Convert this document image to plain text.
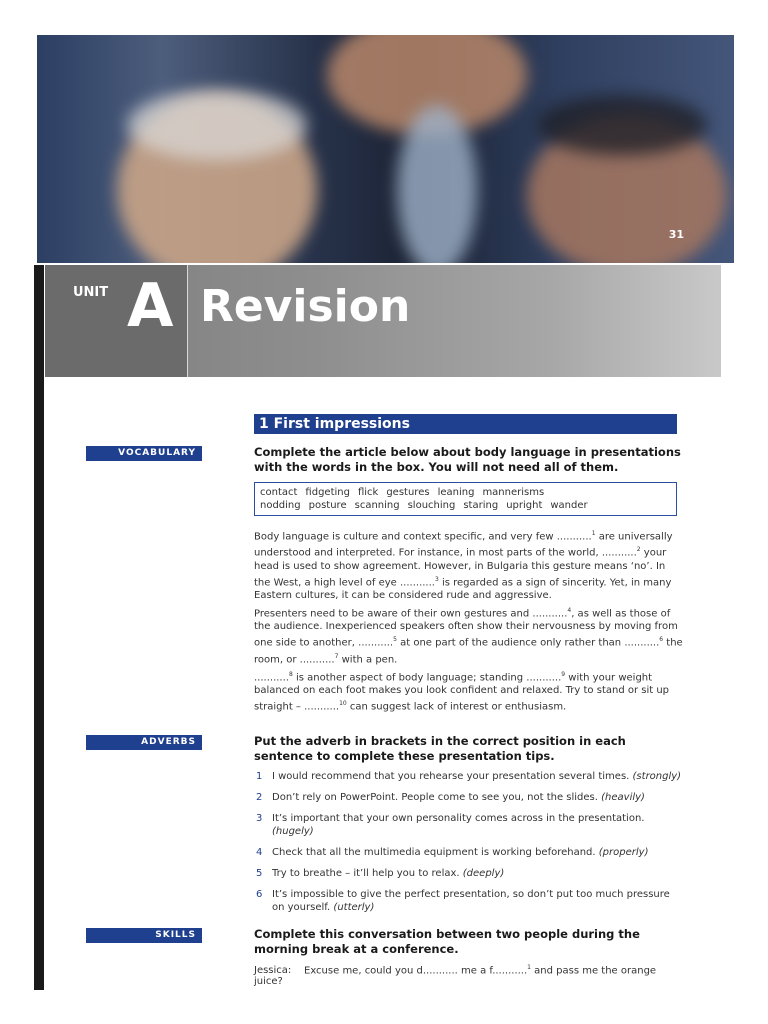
31
UNIT A Revision
1 First impressions
VOCABULARY	Complete the article below about body language in presentations with the words in the box. You will not need all of them.
contact fidgeting flick gestures leaning mannerisms
nodding posture scanning slouching staring upright wander
Body language is culture and context specific, and very few ...........$^1$ are universally understood and interpreted. For instance, in most parts of the world, ...........$^2$ your head is used to show agreement. However, in Bulgaria this gesture means ‘no’. In the West, a high level of eye ...........$^3$ is regarded as a sign of sincerity. Yet, in many Eastern cultures, it can be considered rude and aggressive.
Presenters need to be aware of their own gestures and ...........$^4$, as well as those of the audience. Inexperienced speakers often show their nervousness by moving from one side to another, ...........$^5$ at one part of the audience only rather than ...........$^6$ the room, or ...........$^7$ with a pen.
...........$^8$ is another aspect of body language; standing ...........$^9$ with your weight balanced on each foot makes you look confident and relaxed. Try to stand or sit up straight – ...........$^{10}$ can suggest lack of interest or enthusiasm.
ADVERBS	Put the adverb in brackets in the correct position in each sentence to complete these presentation tips.
1 I would recommend that you rehearse your presentation several times. (strongly)
2 Don’t rely on PowerPoint. People come to see you, not the slides. (heavily)
3 It’s important that your own personality comes across in the presentation. (hugely)
4 Check that all the multimedia equipment is working beforehand. (properly)
5 Try to breathe – it’ll help you to relax. (deeply)
6 It’s impossible to give the perfect presentation, so don’t put too much pressure on yourself. (utterly)
SKILLS	Complete this conversation between two people during the morning break at a conference.
Jessica: Excuse me, could you d........... me a f...........$^1$ and pass me the orange juice?
